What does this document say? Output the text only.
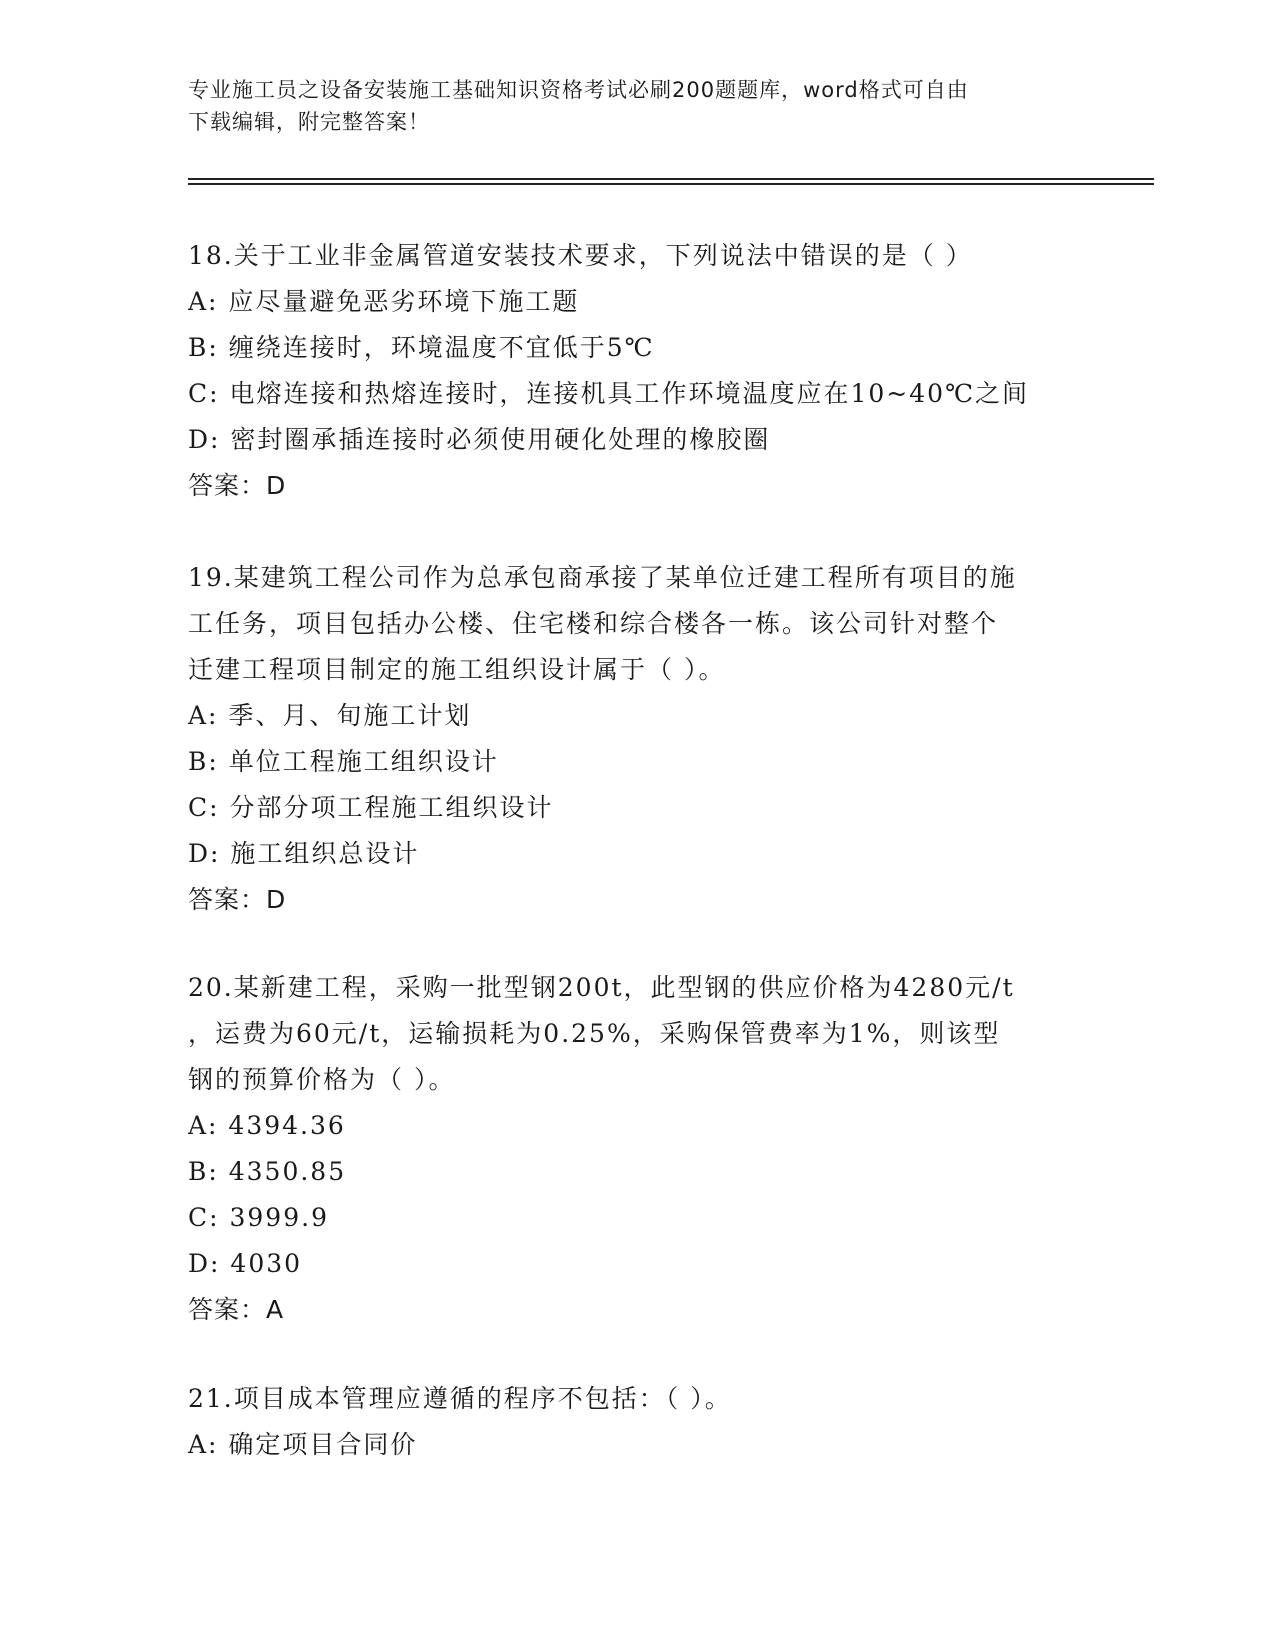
专业施工员之设备安装施工基础知识资格考试必刷200题题库，word格式可自由
下载编辑，附完整答案！
18.关于工业非金属管道安装技术要求，下列说法中错误的是（ ）
A: 应尽量避免恶劣环境下施工题
B: 缠绕连接时，环境温度不宜低于5℃
C: 电熔连接和热熔连接时，连接机具工作环境温度应在10~40℃之间
D: 密封圈承插连接时必须使用硬化处理的橡胶圈
答案：D
19.某建筑工程公司作为总承包商承接了某单位迁建工程所有项目的施
工任务，项目包括办公楼、住宅楼和综合楼各一栋。该公司针对整个
迁建工程项目制定的施工组织设计属于（ ）。
A: 季、月、旬施工计划
B: 单位工程施工组织设计
C: 分部分项工程施工组织设计
D: 施工组织总设计
答案：D
20.某新建工程，采购一批型钢200t，此型钢的供应价格为4280元/t
，运费为60元/t，运输损耗为0.25%，采购保管费率为1%，则该型
钢的预算价格为（ ）。
A: 4394.36
B: 4350.85
C: 3999.9
D: 4030
答案：A
21.项目成本管理应遵循的程序不包括：（ ）。
A: 确定项目合同价
